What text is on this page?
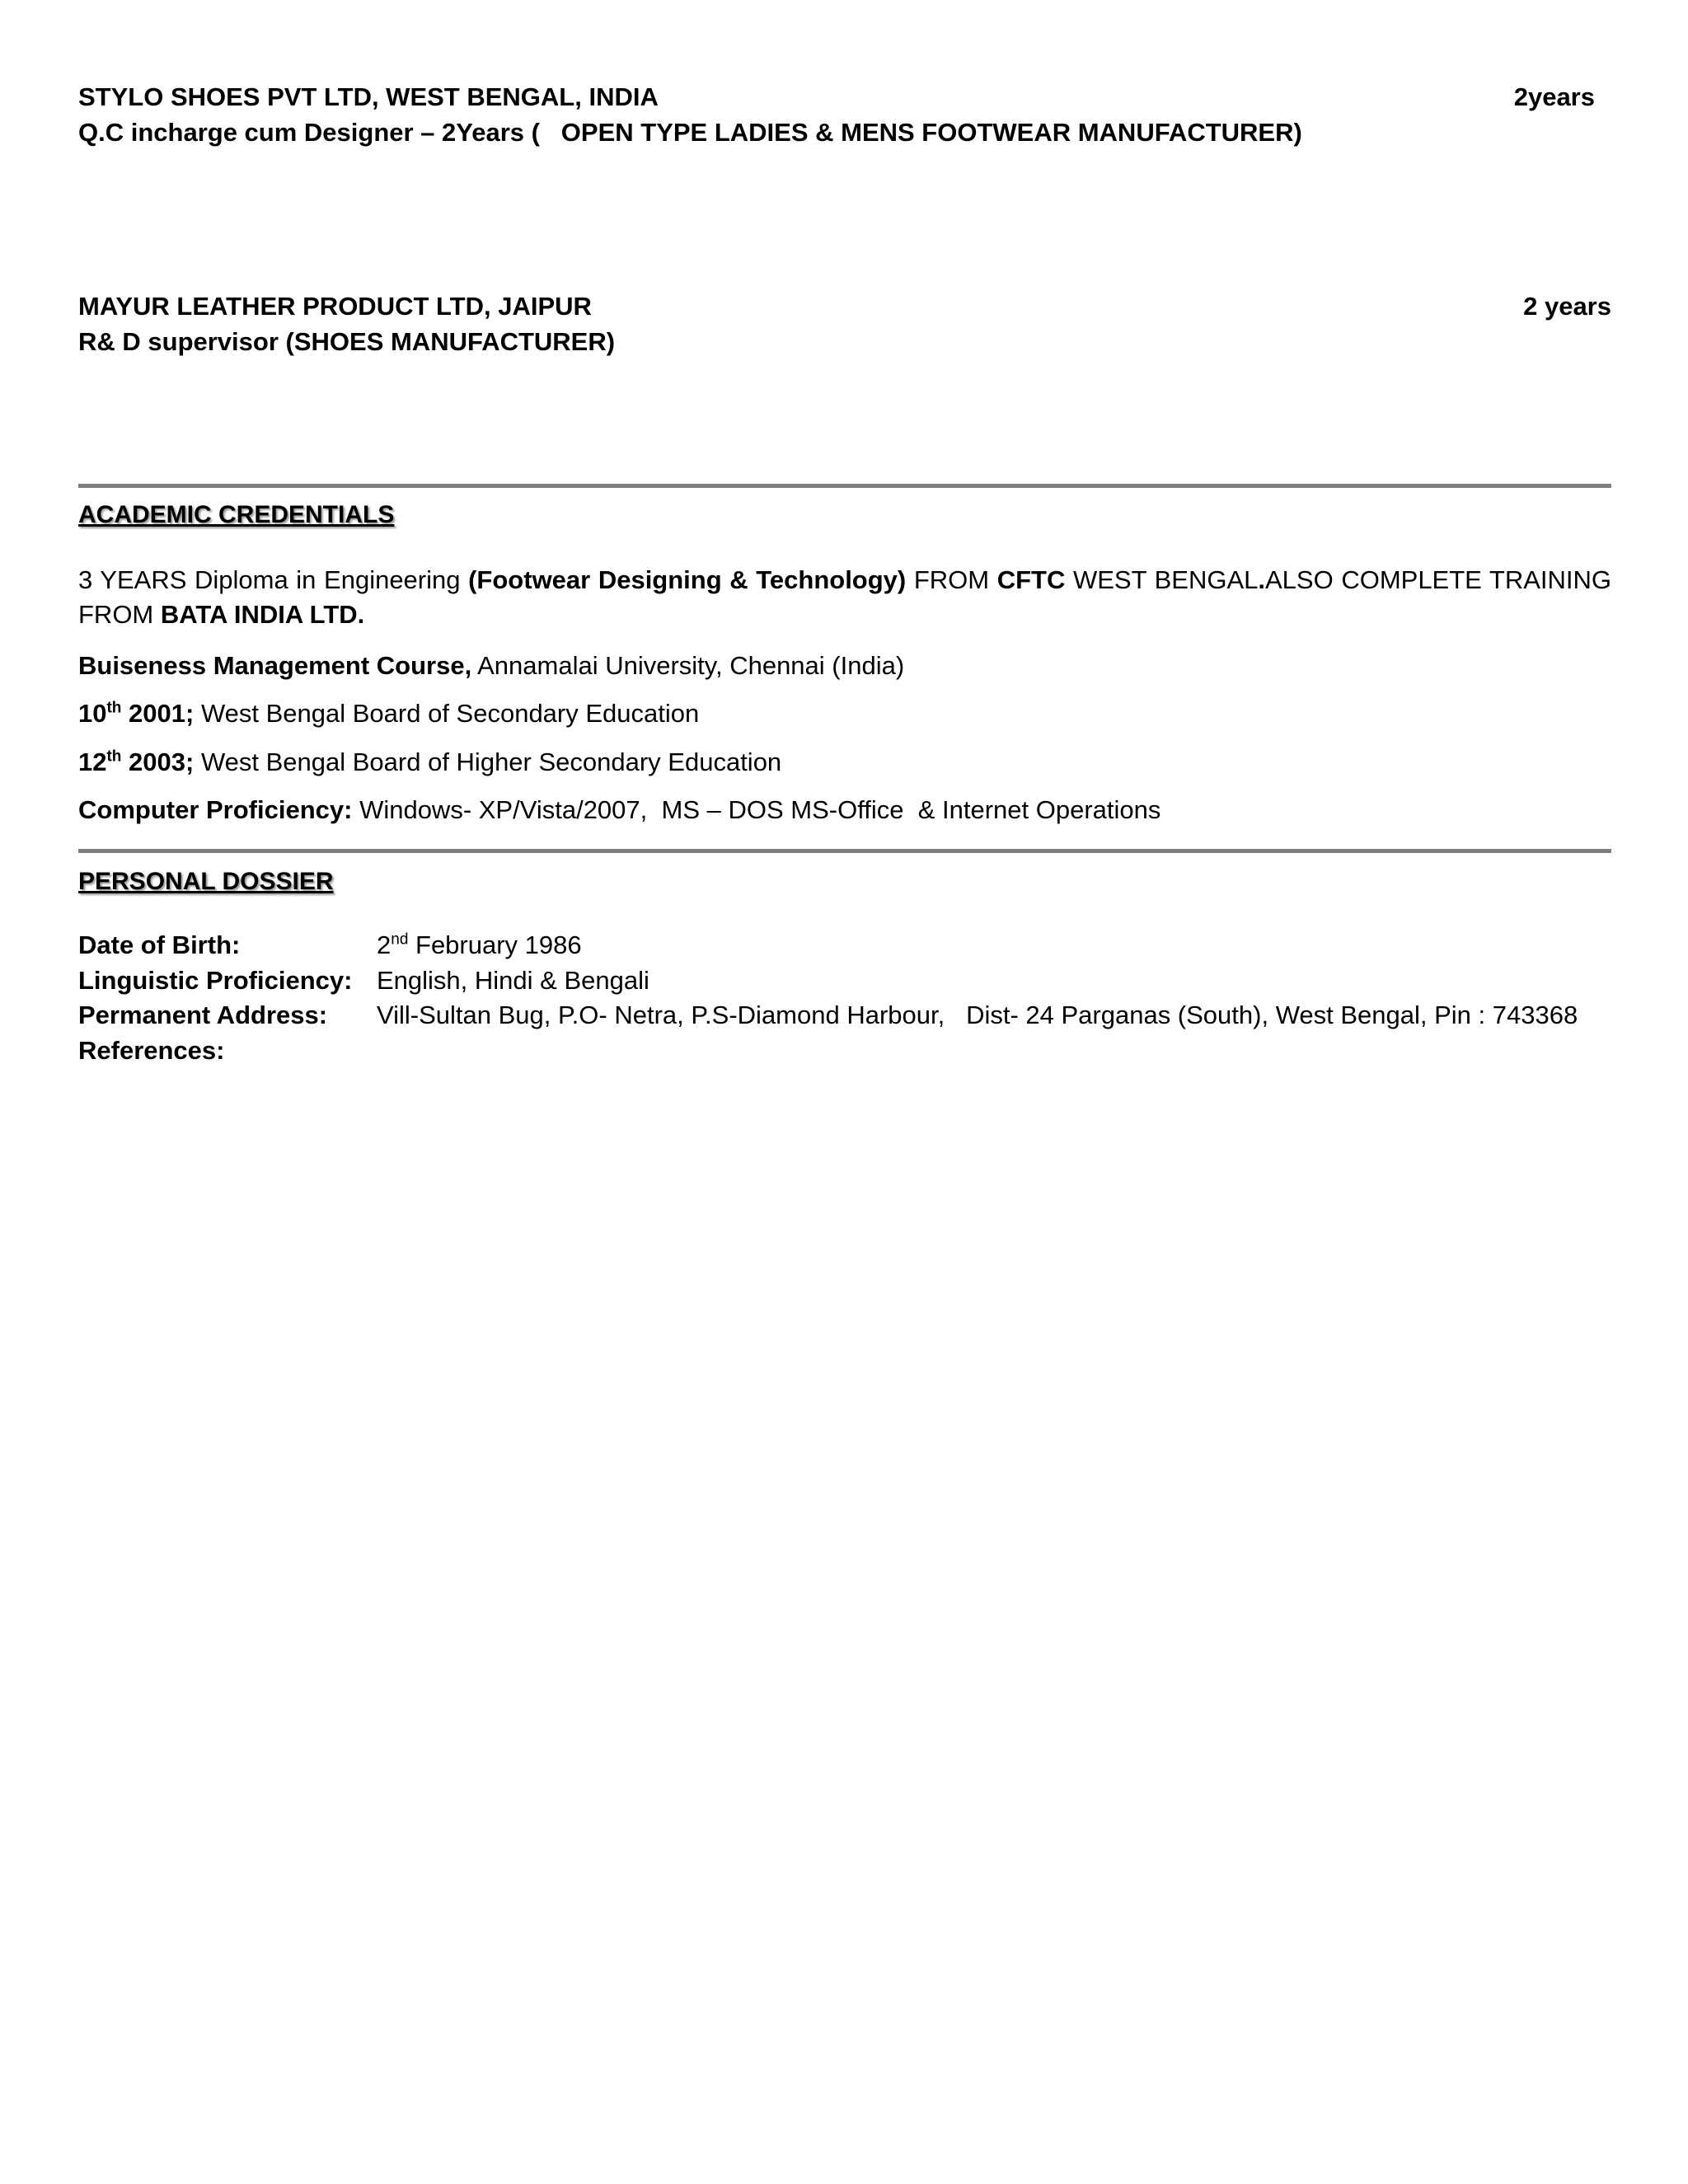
STYLO SHOES PVT LTD, WEST BENGAL, INDIA	2years
Q.C incharge cum Designer – 2Years (   OPEN TYPE LADIES & MENS FOOTWEAR MANUFACTURER)
MAYUR LEATHER PRODUCT LTD, JAIPUR	2 years
R& D supervisor (SHOES MANUFACTURER)
ACADEMIC CREDENTIALS
3 YEARS Diploma in Engineering (Footwear Designing & Technology) FROM CFTC WEST BENGAL.ALSO COMPLETE TRAINING FROM BATA INDIA LTD.
Buiseness Management Course, Annamalai University, Chennai (India)
10th 2001; West Bengal Board of Secondary Education
12th 2003; West Bengal Board of Higher Secondary Education
Computer Proficiency: Windows- XP/Vista/2007,  MS – DOS MS-Office  & Internet Operations
PERSONAL DOSSIER
Date of Birth:	2nd February 1986
Linguistic Proficiency: English, Hindi & Bengali
Permanent Address: Vill-Sultan Bug, P.O- Netra, P.S-Diamond Harbour,   Dist- 24 Parganas (South), West Bengal, Pin : 743368
References:
